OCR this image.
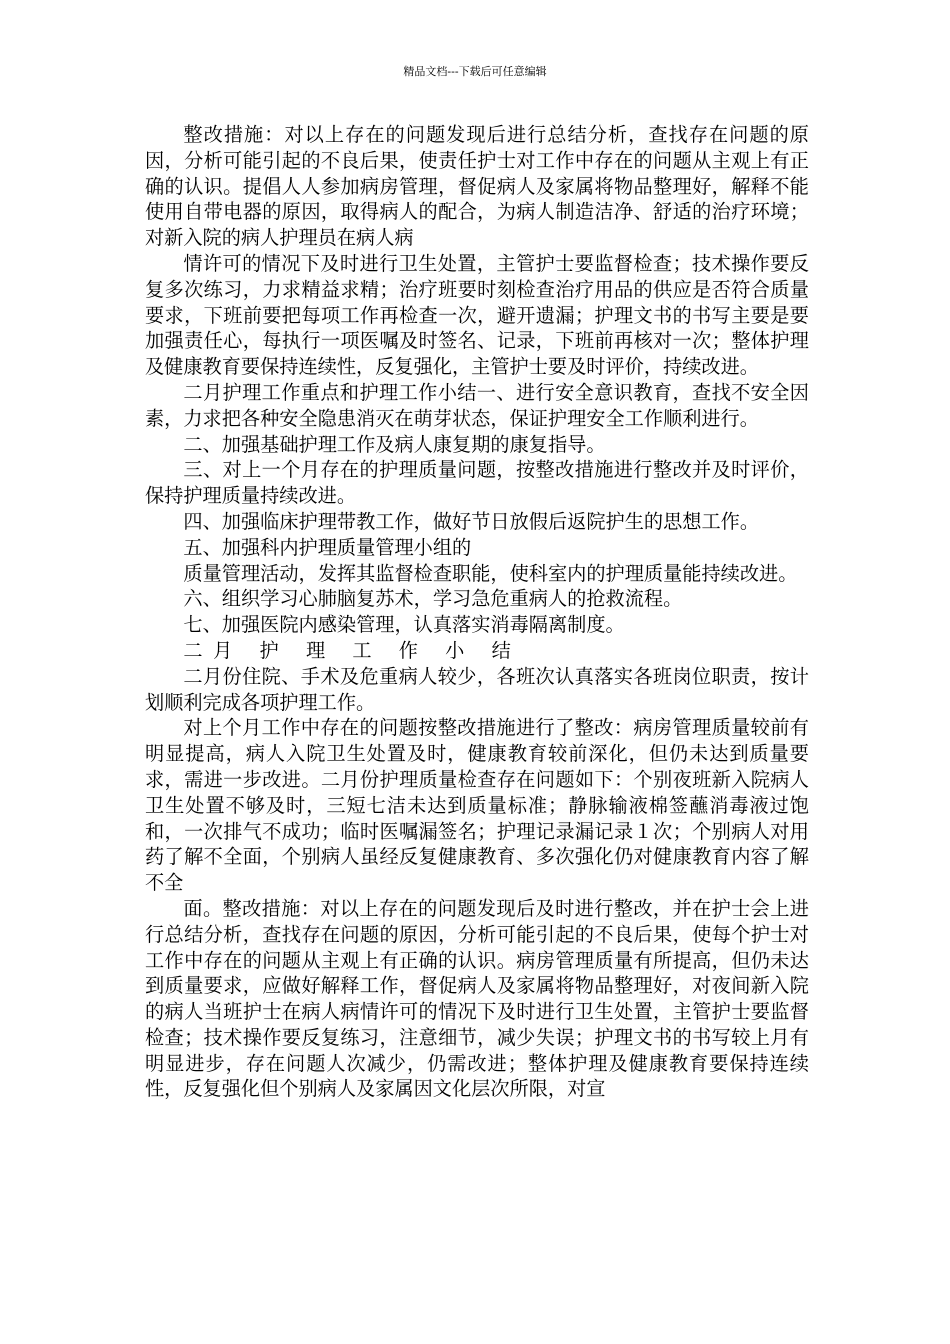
精品文档---下载后可任意编辑

整改措施：对以上存在的问题发现后进行总结分析，查找存在问题的原因，分析可能引起的不良后果，使责任护士对工作中存在的问题从主观上有正确的认识。提倡人人参加病房管理，督促病人及家属将物品整理好，解释不能使用自带电器的原因，取得病人的配合，为病人制造洁净、舒适的治疗环境；对新入院的病人护理员在病人病

情许可的情况下及时进行卫生处置，主管护士要监督检查；技术操作要反复多次练习，力求精益求精；治疗班要时刻检查治疗用品的供应是否符合质量要求，下班前要把每项工作再检查一次，避开遗漏；护理文书的书写主要是要加强责任心，每执行一项医嘱及时签名、记录，下班前再核对一次；整体护理及健康教育要保持连续性，反复强化，主管护士要及时评价，持续改进。

二月护理工作重点和护理工作小结一、进行安全意识教育，查找不安全因素，力求把各种安全隐患消灭在萌芽状态，保证护理安全工作顺利进行。

二、加强基础护理工作及病人康复期的康复指导。

三、对上一个月存在的护理质量问题，按整改措施进行整改并及时评价，保持护理质量持续改进。

四、加强临床护理带教工作，做好节日放假后返院护生的思想工作。

五、加强科内护理质量管理小组的

质量管理活动，发挥其监督检查职能，使科室内的护理质量能持续改进。

六、组织学习心肺脑复苏术，学习急危重病人的抢救流程。

七、加强医院内感染管理，认真落实消毒隔离制度。

二月 护 理 工 作 小 结

二月份住院、手术及危重病人较少，各班次认真落实各班岗位职责，按计划顺利完成各项护理工作。

对上个月工作中存在的问题按整改措施进行了整改：病房管理质量较前有明显提高，病人入院卫生处置及时，健康教育较前深化，但仍未达到质量要求，需进一步改进。二月份护理质量检查存在问题如下：个别夜班新入院病人卫生处置不够及时，三短七洁未达到质量标准；静脉输液棉签蘸消毒液过饱和，一次排气不成功；临时医嘱漏签名；护理记录漏记录１次；个别病人对用药了解不全面，个别病人虽经反复健康教育、多次强化仍对健康教育内容了解不全

面。整改措施：对以上存在的问题发现后及时进行整改，并在护士会上进行总结分析，查找存在问题的原因，分析可能引起的不良后果，使每个护士对工作中存在的问题从主观上有正确的认识。病房管理质量有所提高，但仍未达到质量要求，应做好解释工作，督促病人及家属将物品整理好，对夜间新入院的病人当班护士在病人病情许可的情况下及时进行卫生处置，主管护士要监督检查；技术操作要反复练习，注意细节，减少失误；护理文书的书写较上月有明显进步，存在问题人次减少，仍需改进；整体护理及健康教育要保持连续性，反复强化但个别病人及家属因文化层次所限，对宣
